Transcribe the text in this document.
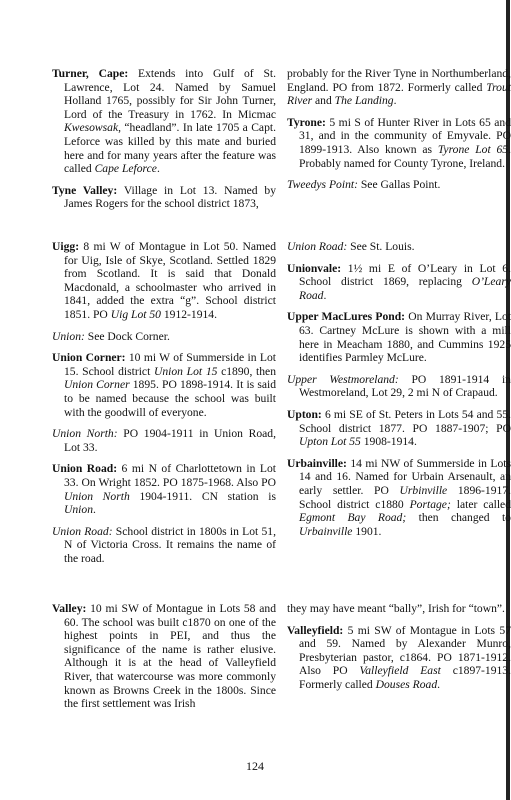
Turner, Cape: Extends into Gulf of St. Lawrence, Lot 24. Named by Samuel Holland 1765, possibly for Sir John Turner, Lord of the Treasury in 1762. In Micmac Kwesowsak, “headland”. In late 1705 a Capt. Leforce was killed by this mate and buried here and for many years after the feature was called Cape Leforce.

Tyne Valley: Village in Lot 13. Named by James Rogers for the school district 1873,

probably for the River Tyne in Northumberland, England. PO from 1872. Formerly called Trout River and The Landing.

Tyrone: 5 mi S of Hunter River in Lots 65 and 31, and in the community of Emyvale. PO 1899-1913. Also known as Tyrone Lot 65. Probably named for County Tyrone, Ireland.

Tweedys Point: See Gallas Point.

Uigg: 8 mi W of Montague in Lot 50. Named for Uig, Isle of Skye, Scotland. Settled 1829 from Scotland. It is said that Donald Macdonald, a schoolmaster who arrived in 1841, added the extra “g”. School district 1851. PO Uig Lot 50 1912-1914.

Union: See Dock Corner.

Union Corner: 10 mi W of Summerside in Lot 15. School district Union Lot 15 c1890, then Union Corner 1895. PO 1898-1914. It is said to be named because the school was built with the goodwill of everyone.

Union North: PO 1904-1911 in Union Road, Lot 33.

Union Road: 6 mi N of Charlottetown in Lot 33. On Wright 1852. PO 1875-1968. Also PO Union North 1904-1911. CN station is Union.

Union Road: School district in 1800s in Lot 51, N of Victoria Cross. It remains the name of the road.

Union Road: See St. Louis.

Unionvale: 1½ mi E of O’Leary in Lot 6. School district 1869, replacing O’Leary Road.

Upper MacLures Pond: On Murray River, Lot 63. Cartney McLure is shown with a mill here in Meacham 1880, and Cummins 1925 identifies Parmley McLure.

Upper Westmoreland: PO 1891-1914 in Westmoreland, Lot 29, 2 mi N of Crapaud.

Upton: 6 mi SE of St. Peters in Lots 54 and 55. School district 1877. PO 1887-1907; PO Upton Lot 55 1908-1914.

Urbainville: 14 mi NW of Summerside in Lots 14 and 16. Named for Urbain Arsenault, an early settler. PO Urbinville 1896-1917. School district c1880 Portage; later called Egmont Bay Road; then changed to Urbainville 1901.

Valley: 10 mi SW of Montague in Lots 58 and 60. The school was built c1870 on one of the highest points in PEI, and thus the significance of the name is rather elusive. Although it is at the head of Valleyfield River, that watercourse was more commonly known as Browns Creek in the 1800s. Since the first settlement was Irish

they may have meant “bally”, Irish for “town”.

Valleyfield: 5 mi SW of Montague in Lots 57 and 59. Named by Alexander Munro, Presbyterian pastor, c1864. PO 1871-1912. Also PO Valleyfield East c1897-1913. Formerly called Douses Road.

124
